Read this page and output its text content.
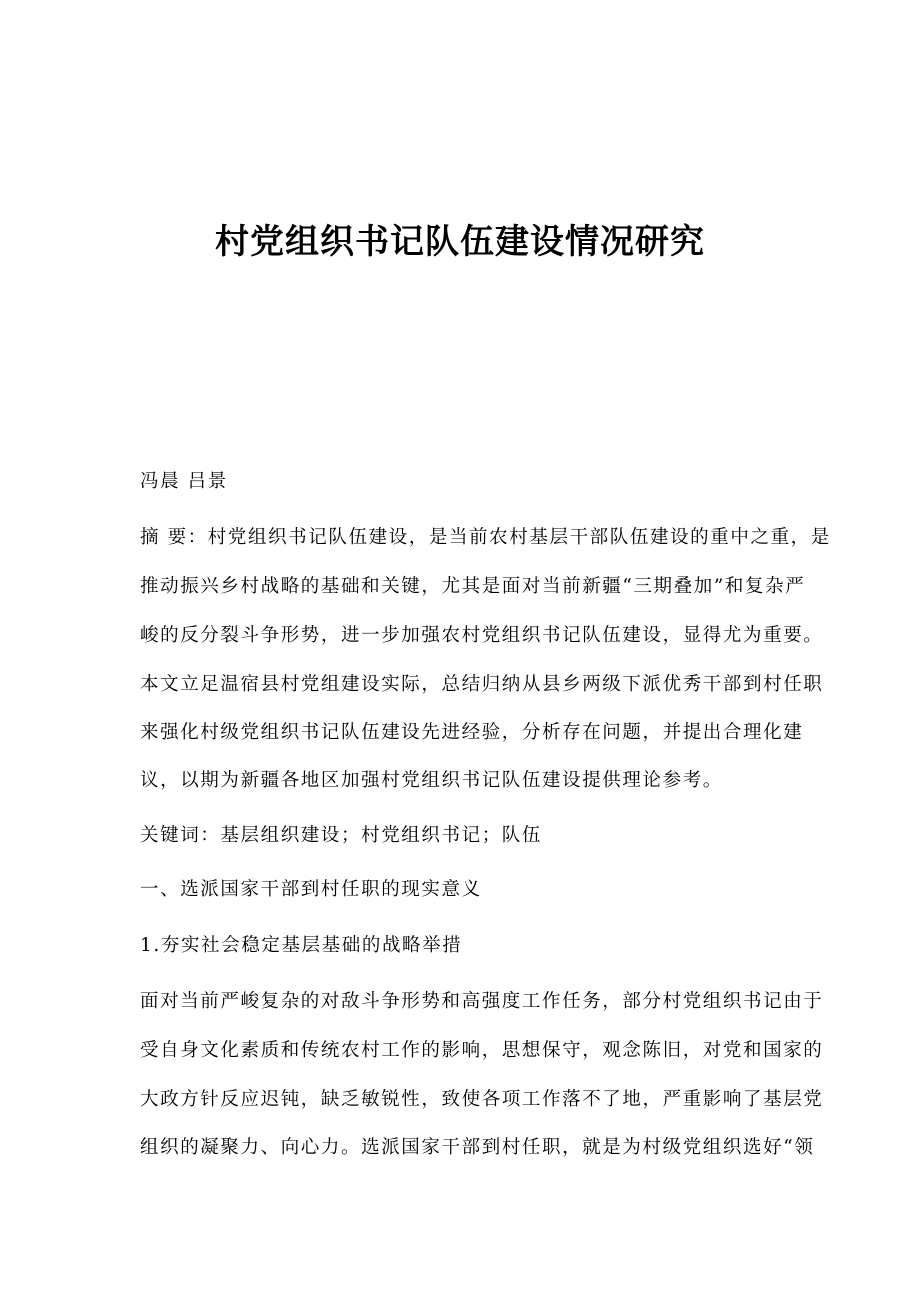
村党组织书记队伍建设情况研究
冯晨 吕景
摘 要：村党组织书记队伍建设，是当前农村基层干部队伍建设的重中之重，是
推动振兴乡村战略的基础和关键，尤其是面对当前新疆“三期叠加”和复杂严
峻的反分裂斗争形势，进一步加强农村党组织书记队伍建设，显得尤为重要。
本文立足温宿县村党组建设实际，总结归纳从县乡两级下派优秀干部到村任职
来强化村级党组织书记队伍建设先进经验，分析存在问题，并提出合理化建
议，以期为新疆各地区加强村党组织书记队伍建设提供理论参考。
关键词：基层组织建设；村党组织书记；队伍
一、选派国家干部到村任职的现实意义
1.夯实社会稳定基层基础的战略举措
面对当前严峻复杂的对敌斗争形势和高强度工作任务，部分村党组织书记由于
受自身文化素质和传统农村工作的影响，思想保守，观念陈旧，对党和国家的
大政方针反应迟钝，缺乏敏锐性，致使各项工作落不了地，严重影响了基层党
组织的凝聚力、向心力。选派国家干部到村任职，就是为村级党组织选好“领
